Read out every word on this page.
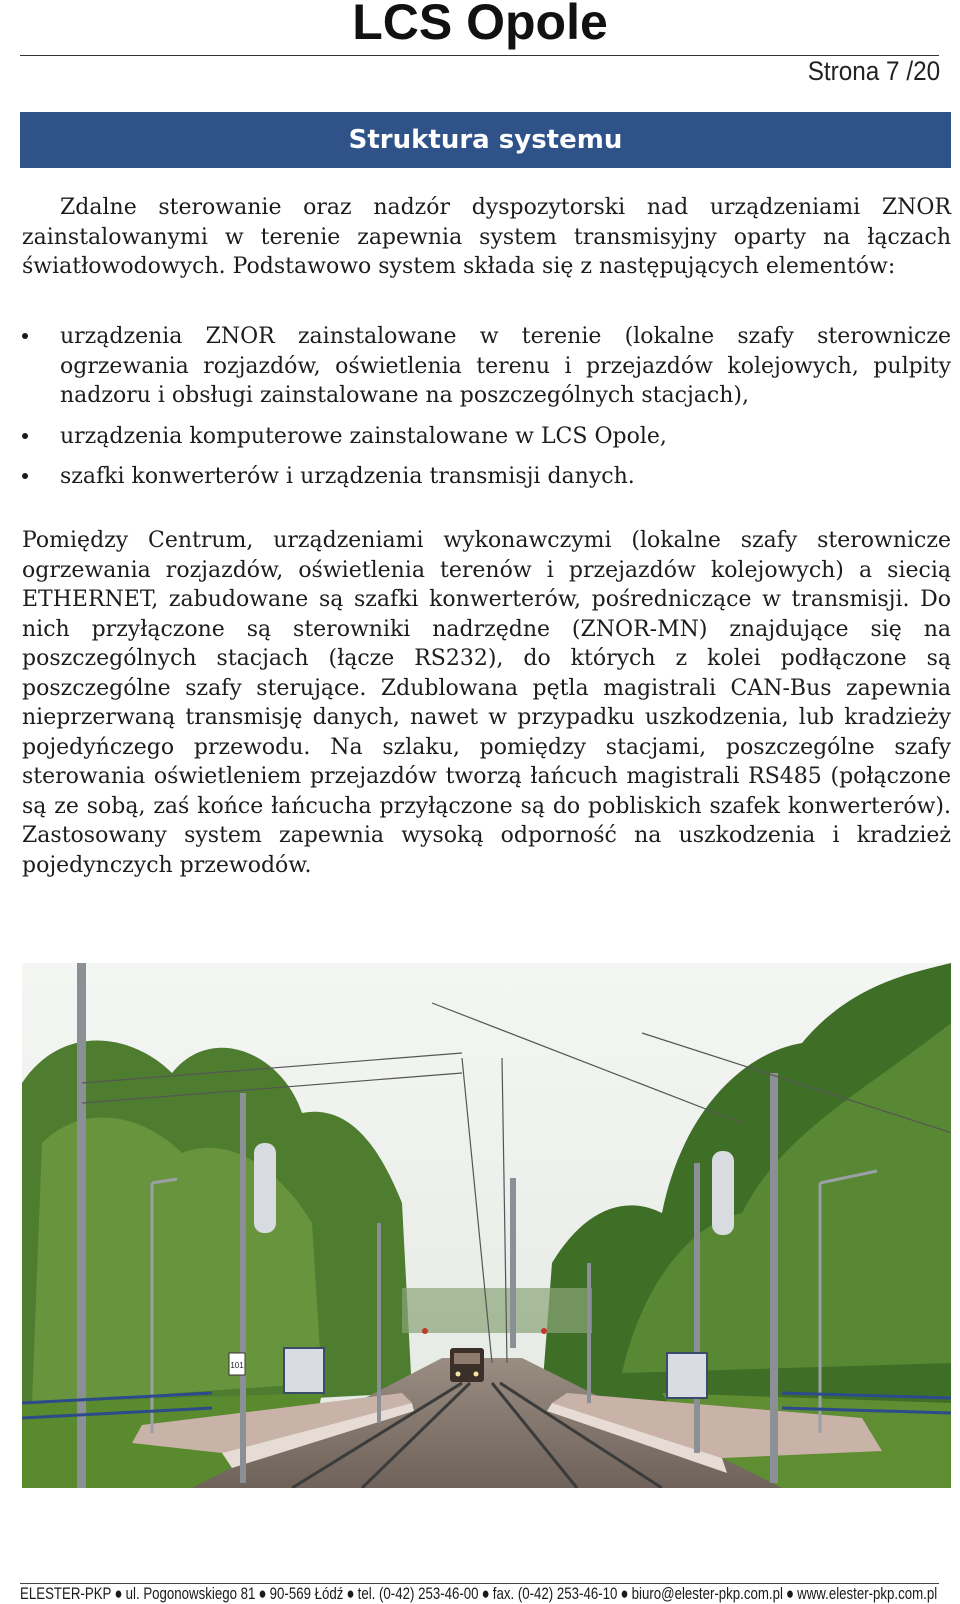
LCS Opole
Strona 7 /20
Struktura systemu

Zdalne sterowanie oraz nadzór dyspozytorski nad urządzeniami ZNOR zainstalowanymi w terenie zapewnia system transmisyjny oparty na łączach światłowodowych. Podstawowo system składa się z następujących elementów:

urządzenia ZNOR zainstalowane w terenie (lokalne szafy sterownicze ogrzewania rozjazdów, oświetlenia terenu i przejazdów kolejowych, pulpity nadzoru i obsługi zainstalowane na poszczególnych stacjach),
urządzenia komputerowe zainstalowane w LCS Opole,
szafki konwerterów i urządzenia transmisji danych.

Pomiędzy Centrum, urządzeniami wykonawczymi (lokalne szafy sterownicze ogrzewania rozjazdów, oświetlenia terenów i przejazdów kolejowych) a siecią ETHERNET, zabudowane są szafki konwerterów, pośredniczące w transmisji. Do nich przyłączone są sterowniki nadrzędne (ZNOR-MN) znajdujące się na poszczególnych stacjach (łącze RS232), do których z kolei podłączone są poszczególne szafy sterujące. Zdublowana pętla magistrali CAN-Bus zapewnia nieprzerwaną transmisję danych, nawet w przypadku uszkodzenia, lub kradzieży pojedyńczego przewodu. Na szlaku, pomiędzy stacjami, poszczególne szafy sterowania oświetleniem przejazdów tworzą łańcuch magistrali RS485 (połączone są ze sobą, zaś końce łańcucha przyłączone są do pobliskich szafek konwerterów). Zastosowany system zapewnia wysoką odporność na uszkodzenia i kradzież pojedynczych przewodów.

101
ELESTER-PKP ● ul. Pogonowskiego 81 ● 90-569 Łódź ● tel. (0-42) 253-46-00 ● fax. (0-42) 253-46-10 ● biuro@elester-pkp.com.pl ● www.elester-pkp.com.pl
